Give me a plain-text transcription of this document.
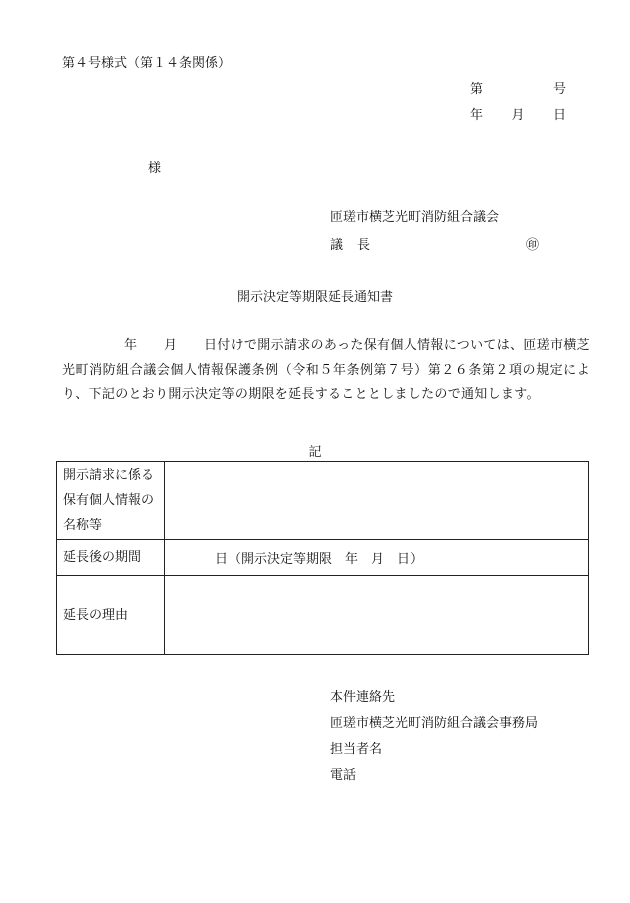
第４号様式（第１４条関係）
第	号
年 月 日
様
匝瑳市横芝光町消防組合議会
議 長	㊞
開示決定等期限延長通知書
年　　月　　日付けで開示請求のあった保有個人情報については、匝瑳市横芝光町消防組合議会個人情報保護条例（令和５年条例第７号）第２６条第２項の規定により、下記のとおり開示決定等の期限を延長することとしましたので通知します。
記
開示請求に係る保有個人情報の名称等	
延長後の期間	日（開示決定等期限　年　月　日）
延長の理由	
本件連絡先
匝瑳市横芝光町消防組合議会事務局
担当者名
電話
